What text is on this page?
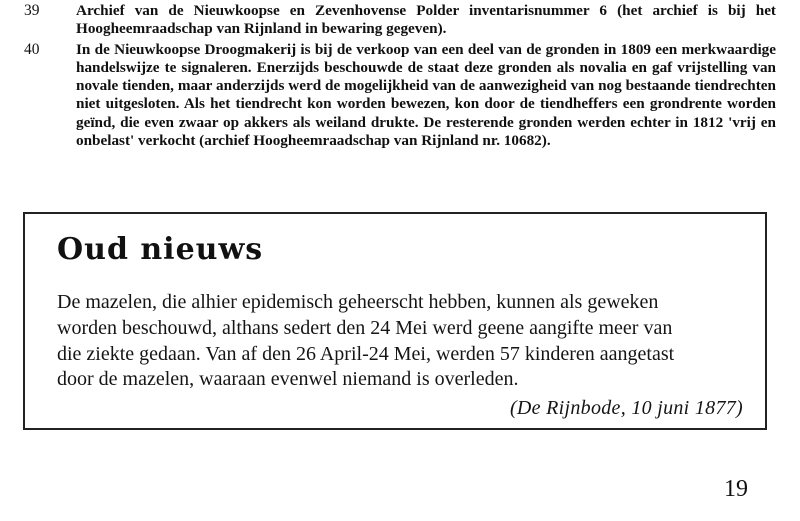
39 Archief van de Nieuwkoopse en Zevenhovense Polder inventarisnummer 6 (het archief is bij het Hoogheemraadschap van Rijnland in bewaring gegeven).
40 In de Nieuwkoopse Droogmakerij is bij de verkoop van een deel van de gronden in 1809 een merkwaardige handelswijze te signaleren. Enerzijds beschouwde de staat deze gronden als novalia en gaf vrijstelling van novale tienden, maar anderzijds werd de mogelijkheid van de aanwezigheid van nog bestaande tiendrechten niet uitgesloten. Als het tiendrecht kon worden bewezen, kon door de tiendheffers een grondrente worden geïnd, die even zwaar op akkers als weiland drukte. De resterende gronden werden echter in 1812 'vrij en onbelast' verkocht (archief Hoogheemraadschap van Rijnland nr. 10682).
Oud nieuws
De mazelen, die alhier epidemisch geheerscht hebben, kunnen als geweken
worden beschouwd, althans sedert den 24 Mei werd geene aangifte meer van
die ziekte gedaan. Van af den 26 April-24 Mei, werden 57 kinderen aangetast
door de mazelen, waaraan evenwel niemand is overleden.
(De Rijnbode, 10 juni 1877)
19
